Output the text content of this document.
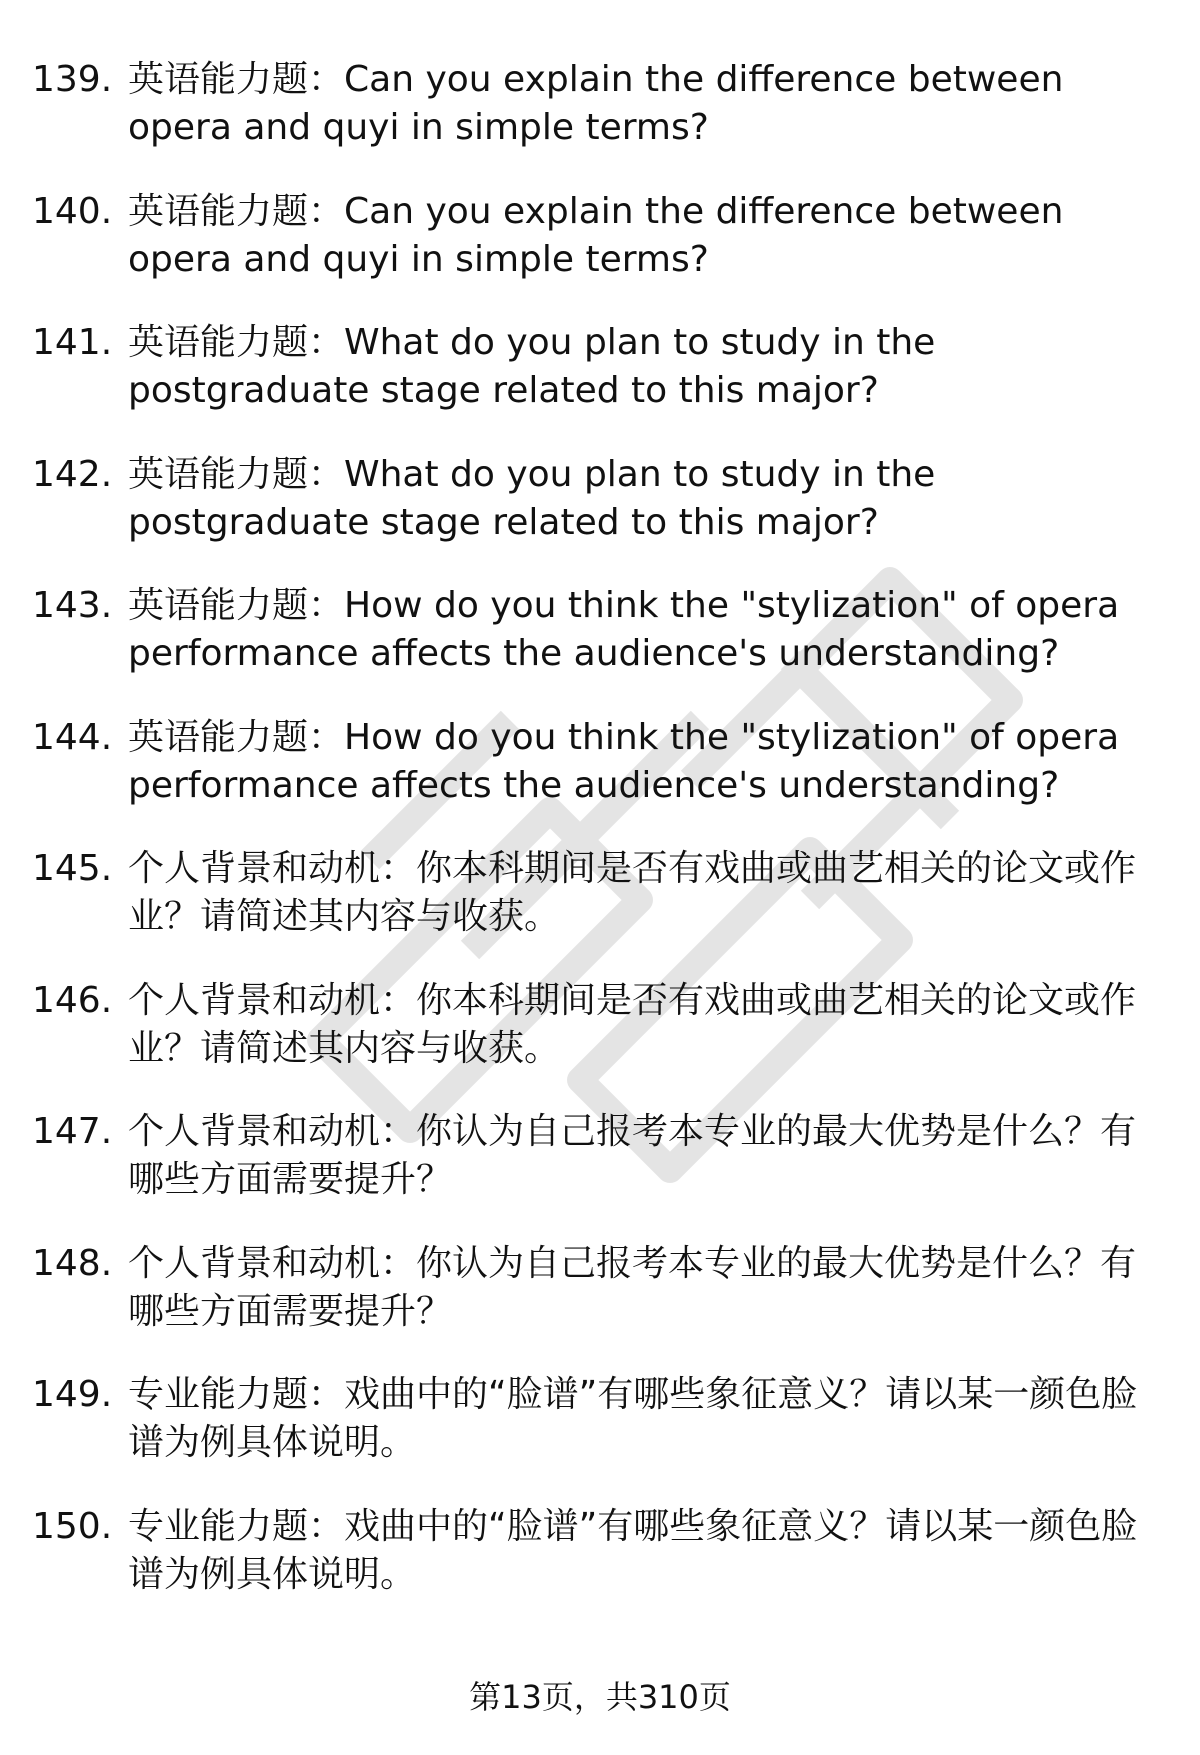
139. 英语能力题：Can you explain the difference between opera and quyi in simple terms?
140. 英语能力题：Can you explain the difference between opera and quyi in simple terms?
141. 英语能力题：What do you plan to study in the postgraduate stage related to this major?
142. 英语能力题：What do you plan to study in the postgraduate stage related to this major?
143. 英语能力题：How do you think the "stylization" of opera performance affects the audience's understanding?
144. 英语能力题：How do you think the "stylization" of opera performance affects the audience's understanding?
145. 个人背景和动机：你本科期间是否有戏曲或曲艺相关的论文或作业？请简述其内容与收获。
146. 个人背景和动机：你本科期间是否有戏曲或曲艺相关的论文或作业？请简述其内容与收获。
147. 个人背景和动机：你认为自己报考本专业的最大优势是什么？有哪些方面需要提升？
148. 个人背景和动机：你认为自己报考本专业的最大优势是什么？有哪些方面需要提升？
149. 专业能力题：戏曲中的“脸谱”有哪些象征意义？请以某一颜色脸谱为例具体说明。
150. 专业能力题：戏曲中的“脸谱”有哪些象征意义？请以某一颜色脸谱为例具体说明。
第13页，共310页
